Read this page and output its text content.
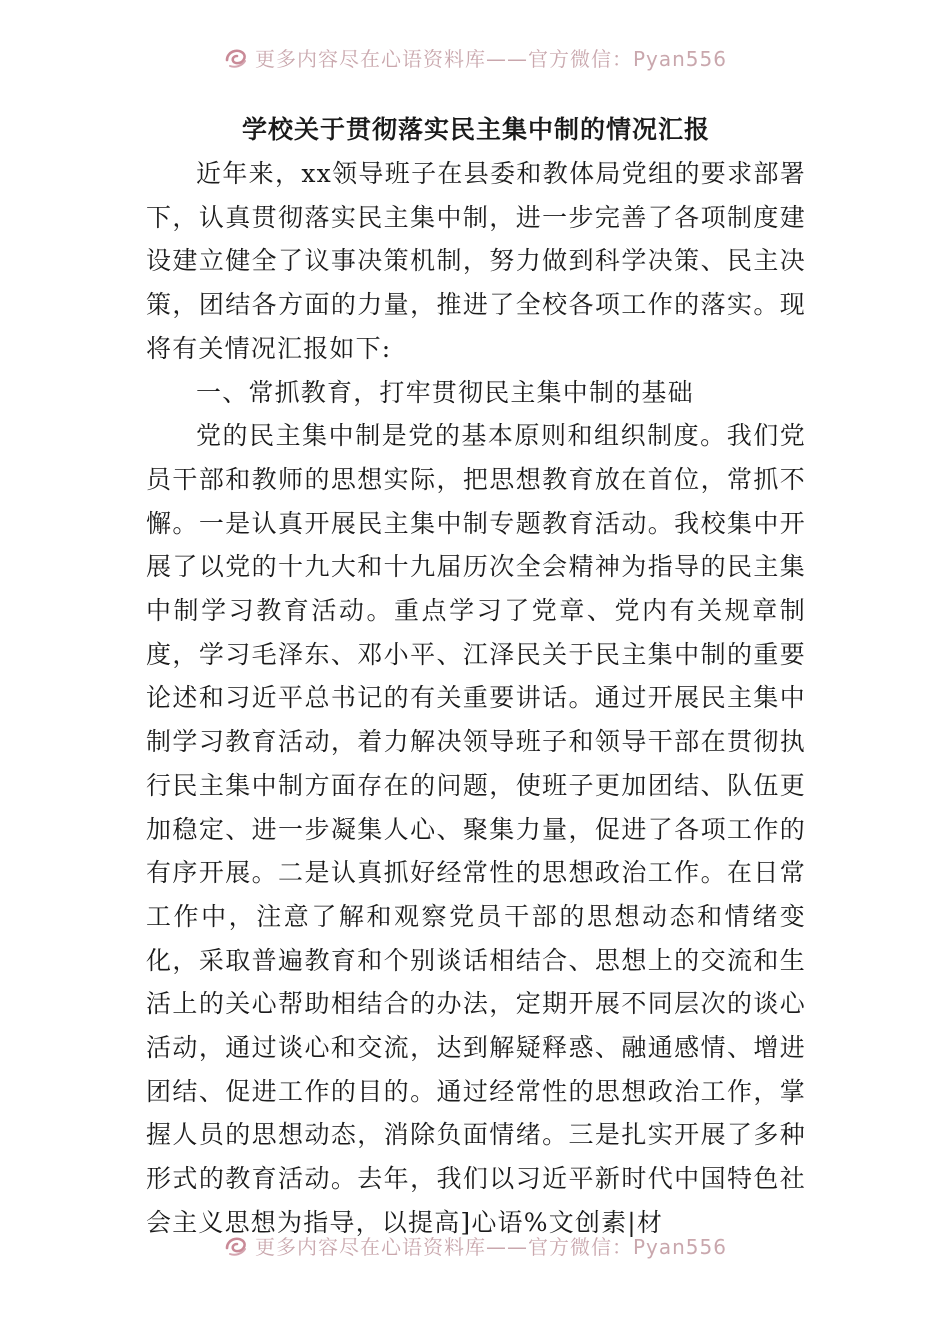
更多内容尽在心语资料库——官方微信：Pyan556
学校关于贯彻落实民主集中制的情况汇报

近年来，xx领导班子在县委和教体局党组的要求部署下，认真贯彻落实民主集中制，进一步完善了各项制度建设建立健全了议事决策机制，努力做到科学决策、民主决策，团结各方面的力量，推进了全校各项工作的落实。现将有关情况汇报如下:

一、常抓教育，打牢贯彻民主集中制的基础

党的民主集中制是党的基本原则和组织制度。我们党员干部和教师的思想实际，把思想教育放在首位，常抓不懈。一是认真开展民主集中制专题教育活动。我校集中开展了以党的十九大和十九届历次全会精神为指导的民主集中制学习教育活动。重点学习了党章、党内有关规章制度，学习毛泽东、邓小平、江泽民关于民主集中制的重要论述和习近平总书记的有关重要讲话。通过开展民主集中制学习教育活动，着力解决领导班子和领导干部在贯彻执行民主集中制方面存在的问题，使班子更加团结、队伍更加稳定、进一步凝集人心、聚集力量，促进了各项工作的有序开展。二是认真抓好经常性的思想政治工作。在日常工作中，注意了解和观察党员干部的思想动态和情绪变化，采取普遍教育和个别谈话相结合、思想上的交流和生活上的关心帮助相结合的办法，定期开展不同层次的谈心活动，通过谈心和交流，达到解疑释惑、融通感情、增进团结、促进工作的目的。通过经常性的思想政治工作，掌握人员的思想动态，消除负面情绪。三是扎实开展了多种形式的教育活动。去年，我们以习近平新时代中国特色社会主义思想为指导，以提高]心语%文创素|材

更多内容尽在心语资料库——官方微信：Pyan556
